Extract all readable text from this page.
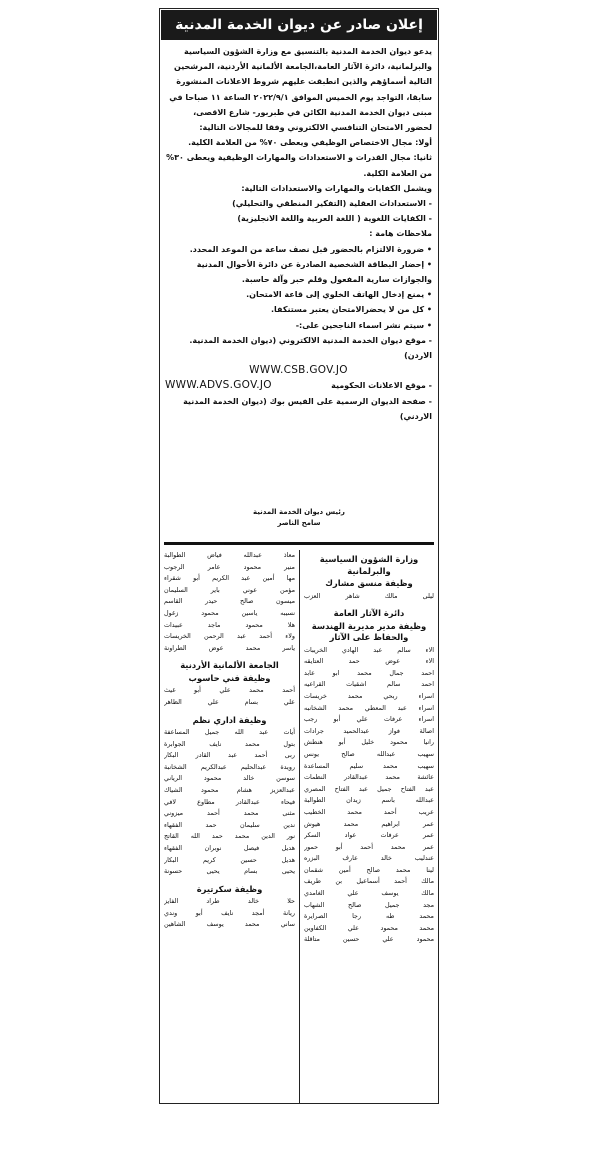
إعلان صادر عن ديوان الخدمة المدنية

يدعو ديوان الخدمة المدنية بالتنسيق مع وزارة الشؤون السياسية والبرلمانية، دائرة الآثار العامة،الجامعة الألمانية الأردنية، المرشحين التالية أسماؤهم والذين انطبقت عليهم شروط الاعلانات المنشورة سابقا، التواجد يوم الخميس الموافق ٢٠٢٢/٩/١ الساعة ١١ صباحا في مبنى ديوان الخدمة المدنية الكائن في طبربور- شارع الاقصى، لحضور الامتحان التنافسي الالكتروني وفقا للمجالات التالية:

أولا: مجال الاختصاص الوظيفي ويعطى ٧٠% من العلامة الكلية.

ثانيا: مجال القدرات و الاستعدادات والمهارات الوظيفية ويعطى ٣٠% من العلامة الكلية.

ويشمل الكفايات والمهارات والاستعدادات التالية:

- الاستعدادات العقلية (التفكير المنطقي والتحليلي)

- الكفايات اللغوية ( اللغة العربية واللغة الانجليزية)

ملاحظات هامة :

• ضرورة الالتزام بالحضور قبل نصف ساعة من الموعد المحدد.

• إحضار البطاقة الشخصية الصادرة عن دائرة الأحوال المدنية والجوازات سارية المفعول وقلم حبر وآلة حاسبة.

• يمنع إدخال الهاتف الخلوي إلى قاعة الامتحان.

• كل من لا يحضرالامتحان يعتبر مستنكفا.

• سيتم نشر اسماء الناجحين على:-

- موقع ديوان الخدمة المدنية الالكتروني (ديوان الخدمة المدنية. الاردن)

WWW.CSB.GOV.JO

- موقع الاعلانات الحكومية
WWW.ADVS.GOV.JO

- صفحة الديوان الرسمية على الفيس بوك (ديوان الخدمة المدنية الاردني)

رئيس ديوان الخدمة المدنية
سامح الناصر
وزارة الشؤون السياسية والبرلمانية
وظيفة منسق مشارك
ليلى مالك شاهر العزب
دائرة الآثار العامة
وظيفة مدير مديرية الهندسة والحفاظ على الآثار
الاء سالم عبد الهادي الخريبات
الاء عوض حمد العتايقه
احمد جمال محمد ابو عابد
احمد سالم اشقيات القراعيه
اسراء ربحي محمد خريسات
اسراء عبد المعطي محمد الشخانبه
اسراء عرفات علي أبو رجب
اصالة فواز عبدالحميد جرادات
رانيا محمود خليل أبو هنطش
سهيب عبدالله صالح يونس
سهيب محمد سليم المساعدة
عائشة محمد عبدالقادر النظمات
عبد الفتاح جميل عبد الفتاح المصري
عبدالله باسم زيدان الطوالبة
عريب أحمد محمد الخطيب
عمر ابراهيم محمد هيوش
عمر عرفات عواد السكر
عمر محمد أحمد أبو حمور
عندليب خالد عارف البزره
لينا محمد صالح أمين شقمان
مالك أحمد أسماعيل بن طريف
مالك يوسف علي الغامدي
مجد جميل صالح الشهاب
محمد طه رجا الصرايرة
محمد محمود علي الكفاوين
محمود علي حسين متاقلة
معاذ عبدالله فياض الطوالبة
منير محمود عامر الرجوب
مها أمين عبد الكريم أبو شقراء
مؤمن عوني باير السليمان
ميسون صالح حيدر القاسم
نسيبه ياسين محمود زغول
هلا محمود ماجد عبيدات
ولاء أحمد عبد الرحمن الخريسات
ياسر محمد عوض الطراونة
الجامعة الألمانية الأردنية
وظيفة فني حاسوب
أحمد محمد علي أبو غيث
علي بسام علي الظاهر
وظيفة اداري نظم
أيات عبد الله جميل المساعفة
بتول محمد نايف الجوابرة
ربى أحمد عبد القادر البكار
رويدة عبدالحليم عبدالكريم الشخانبة
سوسن خالد محمود الرياني
عبدالعزيز هشام محمود الشياك
فيحاء عبدالقادر مطاوع لافي
مثنى محمد أحمد ميزوني
ندين سليمان حمد الفقهاء
نور الدين محمد حمد الله القاتج
هديل فيصل نوبران الفقهاء
هديل حسين كريم البكار
يحيى بسام يحيى حسونة
وظيفة سكرتيرة
حلا خالد طراد الفايز
ريانة أمجد نايف أبو وندي
ساني محمد يوسف الشاهين
